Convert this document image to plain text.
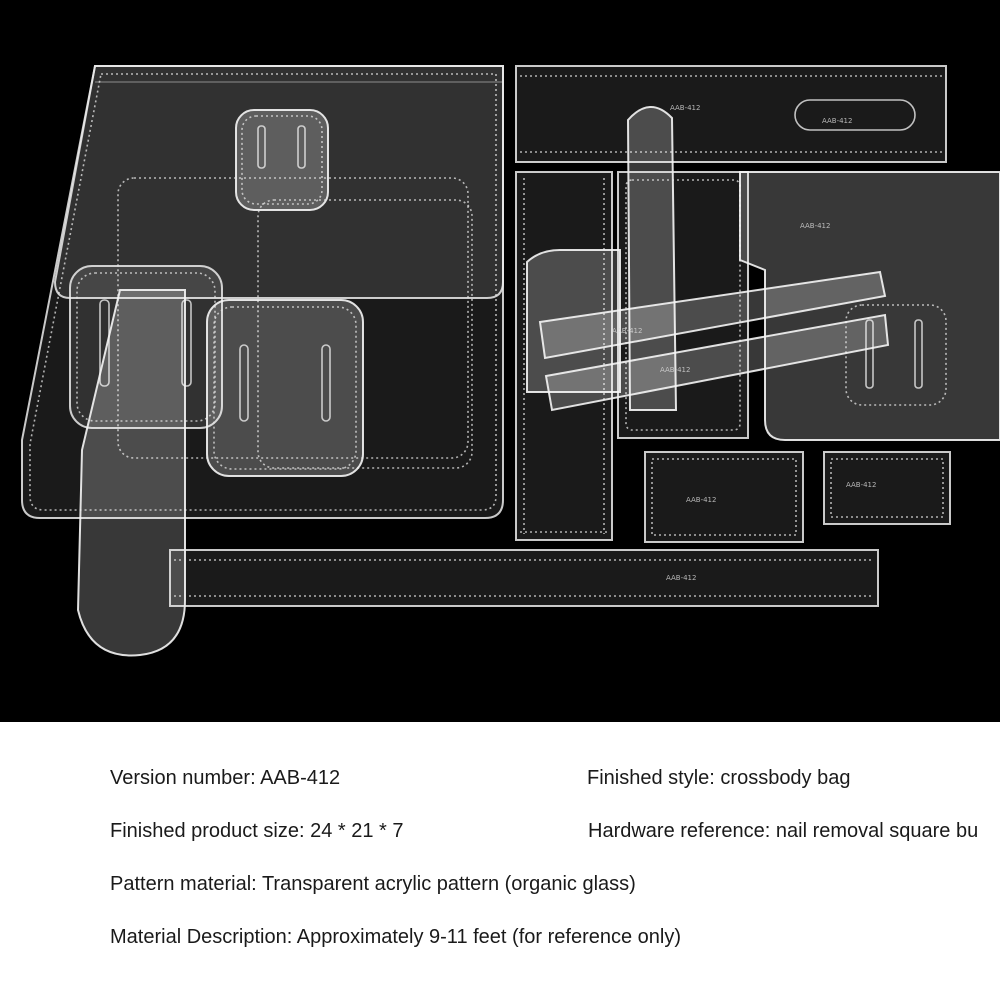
AAB-412
AAB-412
AAB-412
AAB-412
AAB-412
AAB-412
AAB-412
AAB-412
Version number: AAB-412	Finished style: crossbody bag
Finished product size: 24 * 21 * 7	Hardware reference: nail removal square bu
Pattern material: Transparent acrylic pattern (organic glass)
Material Description: Approximately 9-11 feet (for reference only)
